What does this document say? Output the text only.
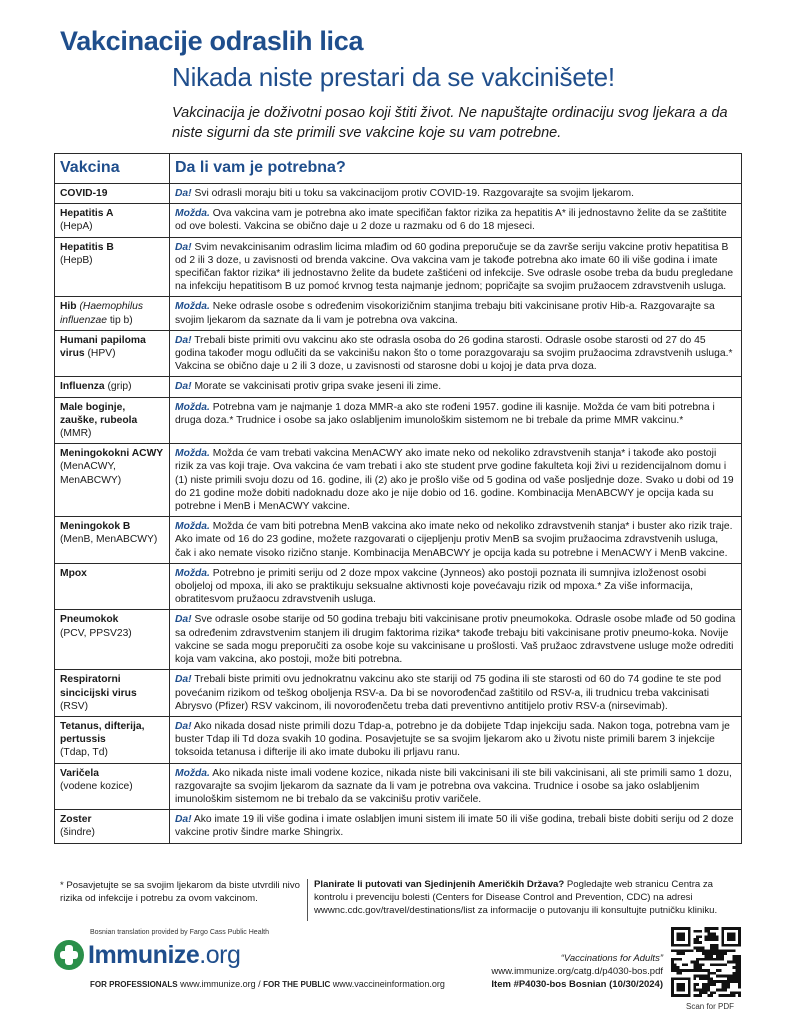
Vakcinacije odraslih lica
Nikada niste prestari da se vakcinišete!
Vakcinacija je doživotni posao koji štiti život. Ne napuštajte ordinaciju svog ljekara a da niste sigurni da ste primili sve vakcine koje su vam potrebne.
Vakcina	Da li vam je potrebna?

COVID-19	Da! Svi odrasli moraju biti u toku sa vakcinacijom protiv COVID-19. Razgovarajte sa svojim ljekarom.

Hepatitis A
(HepA)	Možda. Ova vakcina vam je potrebna ako imate specifičan faktor rizika za hepatitis A* ili jednostavno želite da se zaštitite od ove bolesti. Vakcina se obično daje u 2 doze u razmaku od 6 do 18 mjeseci.

Hepatitis B
(HepB)	Da! Svim nevakcinisanim odraslim licima mlađim od 60 godina preporučuje se da završe seriju vakcine protiv hepatitisa B od 2 ili 3 doze, u zavisnosti od brenda vakcine. Ova vakcina vam je takođe potrebna ako imate 60 ili više godina i imate specifičan faktor rizika* ili jednostavno želite da budete zaštićeni od infekcije. Sve odrasle osobe treba da budu pregledane na infekciju hepatitisom B uz pomoć krvnog testa najmanje jednom; popričajte sa svojim pružaocem zdravstvenih usluga.

Hib (Haemophilus influenzae tip b)	Možda. Neke odrasle osobe s određenim visokorizičnim stanjima trebaju biti vakcinisane protiv Hib-a. Razgovarajte sa svojim ljekarom da saznate da li vam je potrebna ova vakcina.
Humani papiloma virus (HPV)	Da! Trebali biste primiti ovu vakcinu ako ste odrasla osoba do 26 godina starosti. Odrasle osobe starosti od 27 do 45 godina također mogu odlučiti da se vakcinišu nakon što o tome porazgovaraju sa svojim pružaocima zdravstvenih usluga.* Vakcina se obično daje u 2 ili 3 doze, u zavisnosti od starosne dobi u kojoj je data prva doza.
Influenza (grip)	Da! Morate se vakcinisati protiv gripa svake jeseni ili zime.

Male boginje, zauške, rubeola
(MMR)	Možda. Potrebna vam je najmanje 1 doza MMR-a ako ste rođeni 1957. godine ili kasnije. Možda će vam biti potrebna i druga doza.* Trudnice i osobe sa jako oslabljenim imunološkim sistemom ne bi trebale da prime MMR vakcinu.*

Meningokokni ACWY
(MenACWY, MenABCWY)	Možda. Možda će vam trebati vakcina MenACWY ako imate neko od nekoliko zdravstvenih stanja* i takođe ako postoji rizik za vas koji traje. Ova vakcina će vam trebati i ako ste student prve godine fakulteta koji živi u rezidencijalnom domu i (1) niste primili svoju dozu od 16. godine, ili (2) ako je prošlo više od 5 godina od vaše posljednje doze. Svako u dobi od 19 do 21 godine može dobiti nadoknadu doze ako je nije dobio od 16. godine. Kombinacija MenABCWY je opcija kada su potrebne i MenB i MenACWY vakcine.

Meningokok B
(MenB, MenABCWY)	Možda. Možda će vam biti potrebna MenB vakcina ako imate neko od nekoliko zdravstvenih stanja* i buster ako rizik traje. Ako imate od 16 do 23 godine, možete razgovarati o cijepljenju protiv MenB sa svojim pružaocima zdravstvenih usluga, čak i ako nemate visoko rizično stanje. Kombinacija MenABCWY je opcija kada su potrebne i MenACWY i MenB vakcine.

Mpox	Možda. Potrebno je primiti seriju od 2 doze mpox vakcine (Jynneos) ako postoji poznata ili sumnjiva izloženost osobi oboljeloj od mpoxa, ili ako se praktikuju seksualne aktivnosti koje povećavaju rizik od mpoxa.* Za više informacija, obratitesvom pružaocu zdravstvenih usluga.

Pneumokok
(PCV, PPSV23)	Da! Sve odrasle osobe starije od 50 godina trebaju biti vakcinisane protiv pneumokoka. Odrasle osobe mlađe od 50 godina sa određenim zdravstvenim stanjem ili drugim faktorima rizika* takođe trebaju biti vakcinisane protiv pneumo-koka. Novije vakcine se sada mogu preporučiti za osobe koje su vakcinisane u prošlosti. Vaš pružaoc zdravstvene usluge može odrediti koja vam vakcina, ako postoji, može biti potrebna.
Respiratorni sincicijski virus (RSV)	Da! Trebali biste primiti ovu jednokratnu vakcinu ako ste stariji od 75 godina ili ste starosti od 60 do 74 godine te ste pod povećanim rizikom od teškog oboljenja RSV-a. Da bi se novorođenčad zaštitilo od RSV-a, ili trudnicu treba vakcinisati Abrysvo (Pfizer) RSV vakcinom, ili novorođenčetu treba dati preventivno antitijelo protiv RSV-a (nirsevimab).

Tetanus, difterija, pertussis
(Tdap, Td)	Da! Ako nikada dosad niste primili dozu Tdap-a, potrebno je da dobijete Tdap injekciju sada. Nakon toga, potrebna vam je buster Tdap ili Td doza svakih 10 godina. Posavjetujte se sa svojim ljekarom ako u životu niste primili barem 3 injekcije toksoida tetanusa i difterije ili ako imate duboku ili prljavu ranu.

Varičela
(vodene kozice)	Možda. Ako nikada niste imali vodene kozice, nikada niste bili vakcinisani ili ste bili vakcinisani, ali ste primili samo 1 dozu, razgovarajte sa svojim ljekarom da saznate da li vam je potrebna ova vakcina. Trudnice i osobe sa jako oslabljenim imunološkim sistemom ne bi trebalo da se vakcinišu protiv varičele.

Zoster
(šindre)	Da! Ako imate 19 ili više godina i imate oslabljen imuni sistem ili imate 50 ili više godina, trebali biste dobiti seriju od 2 doze vakcine protiv šindre marke Shingrix.
* Posavjetujte se sa svojim ljekarom da biste utvrdili nivo rizika od infekcije i potrebu za ovom vakcinom.
Planirate li putovati van Sjedinjenih Američkih Država? Pogledajte web stranicu Centra za kontrolu i prevenciju bolesti (Centers for Disease Control and Prevention, CDC) na adresi wwwnc.cdc.gov/travel/destinations/list za informacije o putovanju ili konsultujte putničku kliniku.
Bosnian translation provided by Fargo Cass Public Health
Immunize.org
FOR PROFESSIONALS www.immunize.org / FOR THE PUBLIC www.vaccineinformation.org
“Vaccinations for Adults”
www.immunize.org/catg.d/p4030-bos.pdf
Item #P4030-bos Bosnian (10/30/2024)
Scan for PDF
